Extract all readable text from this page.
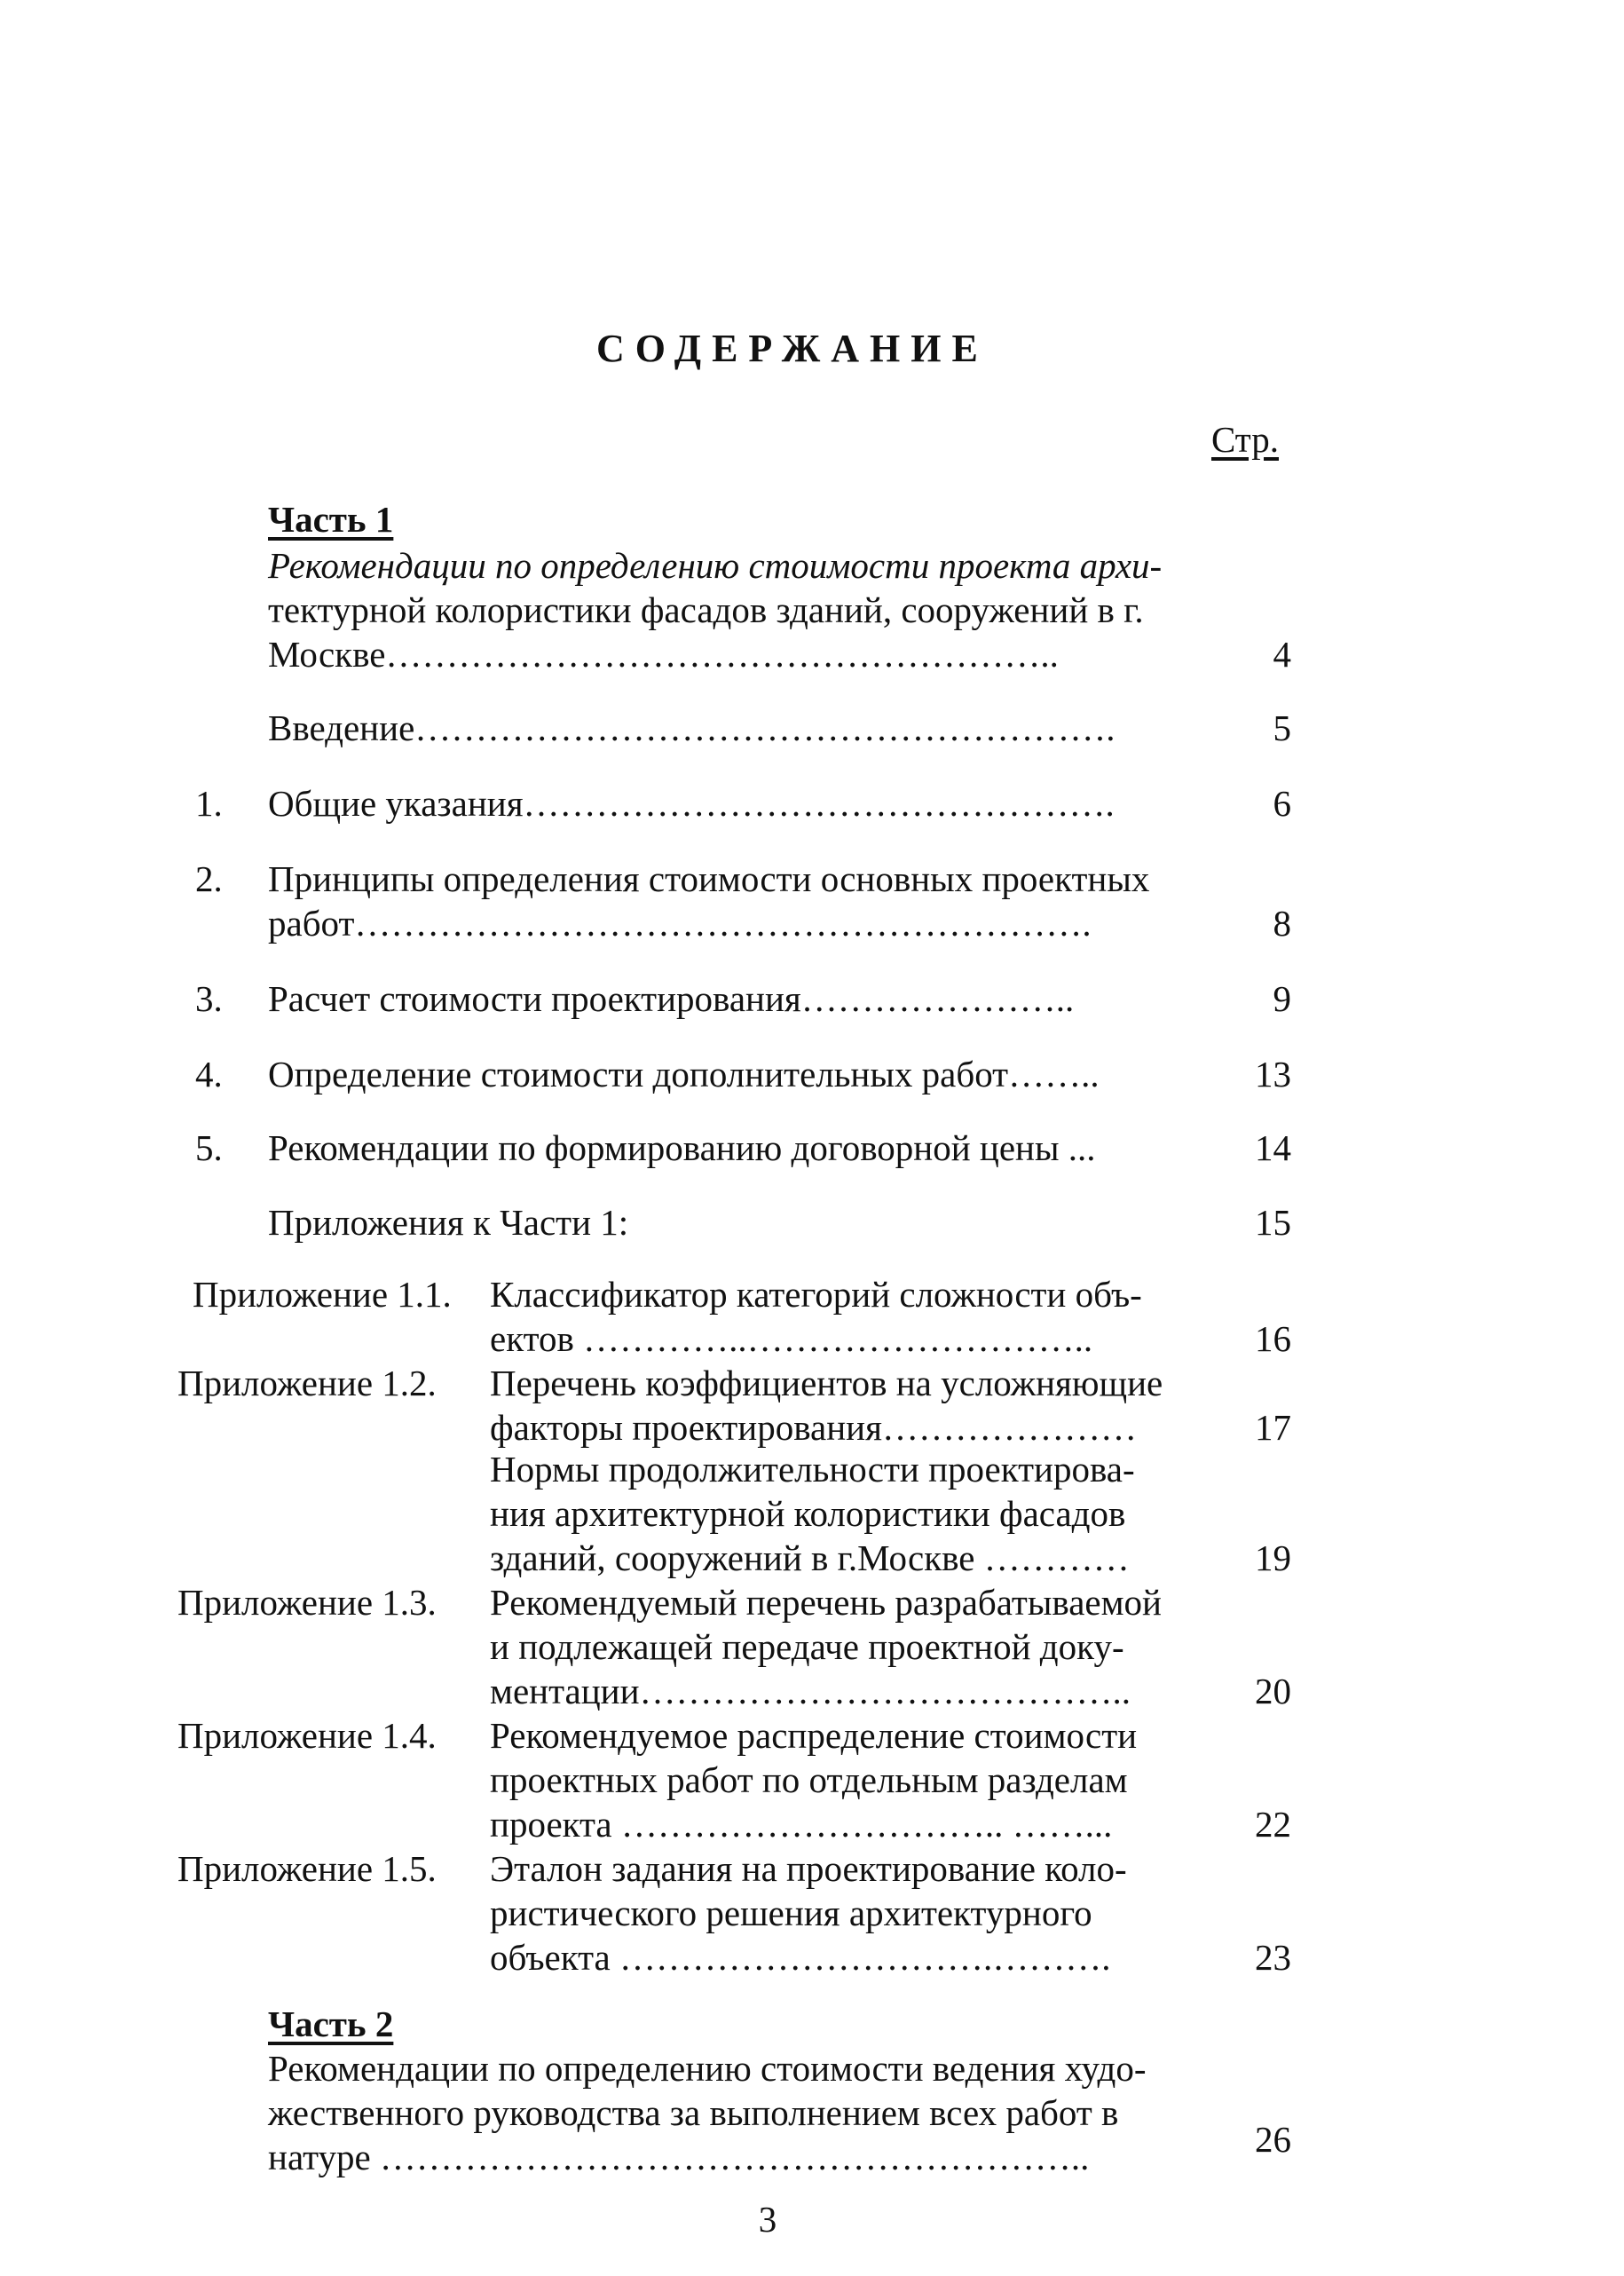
СОДЕРЖАНИЕ
Стр.
Часть 1
Рекомендации по определению стоимости проекта архи-
тектурной колористики фасадов зданий, сооружений в г.
Москве………………………………………………..	4
Введение………………………………………………….	5
1. Общие указания………………………………………….	6
2. Принципы определения стоимости основных проектных
работ…………………………………………………….	8
3. Расчет стоимости проектирования…………………..	9
4. Определение стоимости дополнительных работ……..	13
5. Рекомендации по формированию договорной цены ...	14
Приложения к Части 1:	15
Приложение 1.1. Классификатор категорий сложности объ-
ектов …………..………………………..	16
Приложение 1.2. Перечень коэффициентов на усложняющие
факторы проектирования…………………	17
Нормы продолжительности проектирова-
ния архитектурной колористики фасадов
зданий, сооружений в г.Москве …………	19
Приложение 1.3. Рекомендуемый перечень разрабатываемой
и подлежащей передаче проектной доку-
ментации…………………………………..	20
Приложение 1.4. Рекомендуемое распределение стоимости
проектных работ по отдельным разделам
проекта ………………………….. ……...	22
Приложение 1.5. Эталон задания на проектирование коло-
ристического решения архитектурного
объекта ………………………….……….	23
Часть 2
Рекомендации по определению стоимости ведения худо-
жественного руководства за выполнением всех работ в
натуре …………………………………………………..	26
3
